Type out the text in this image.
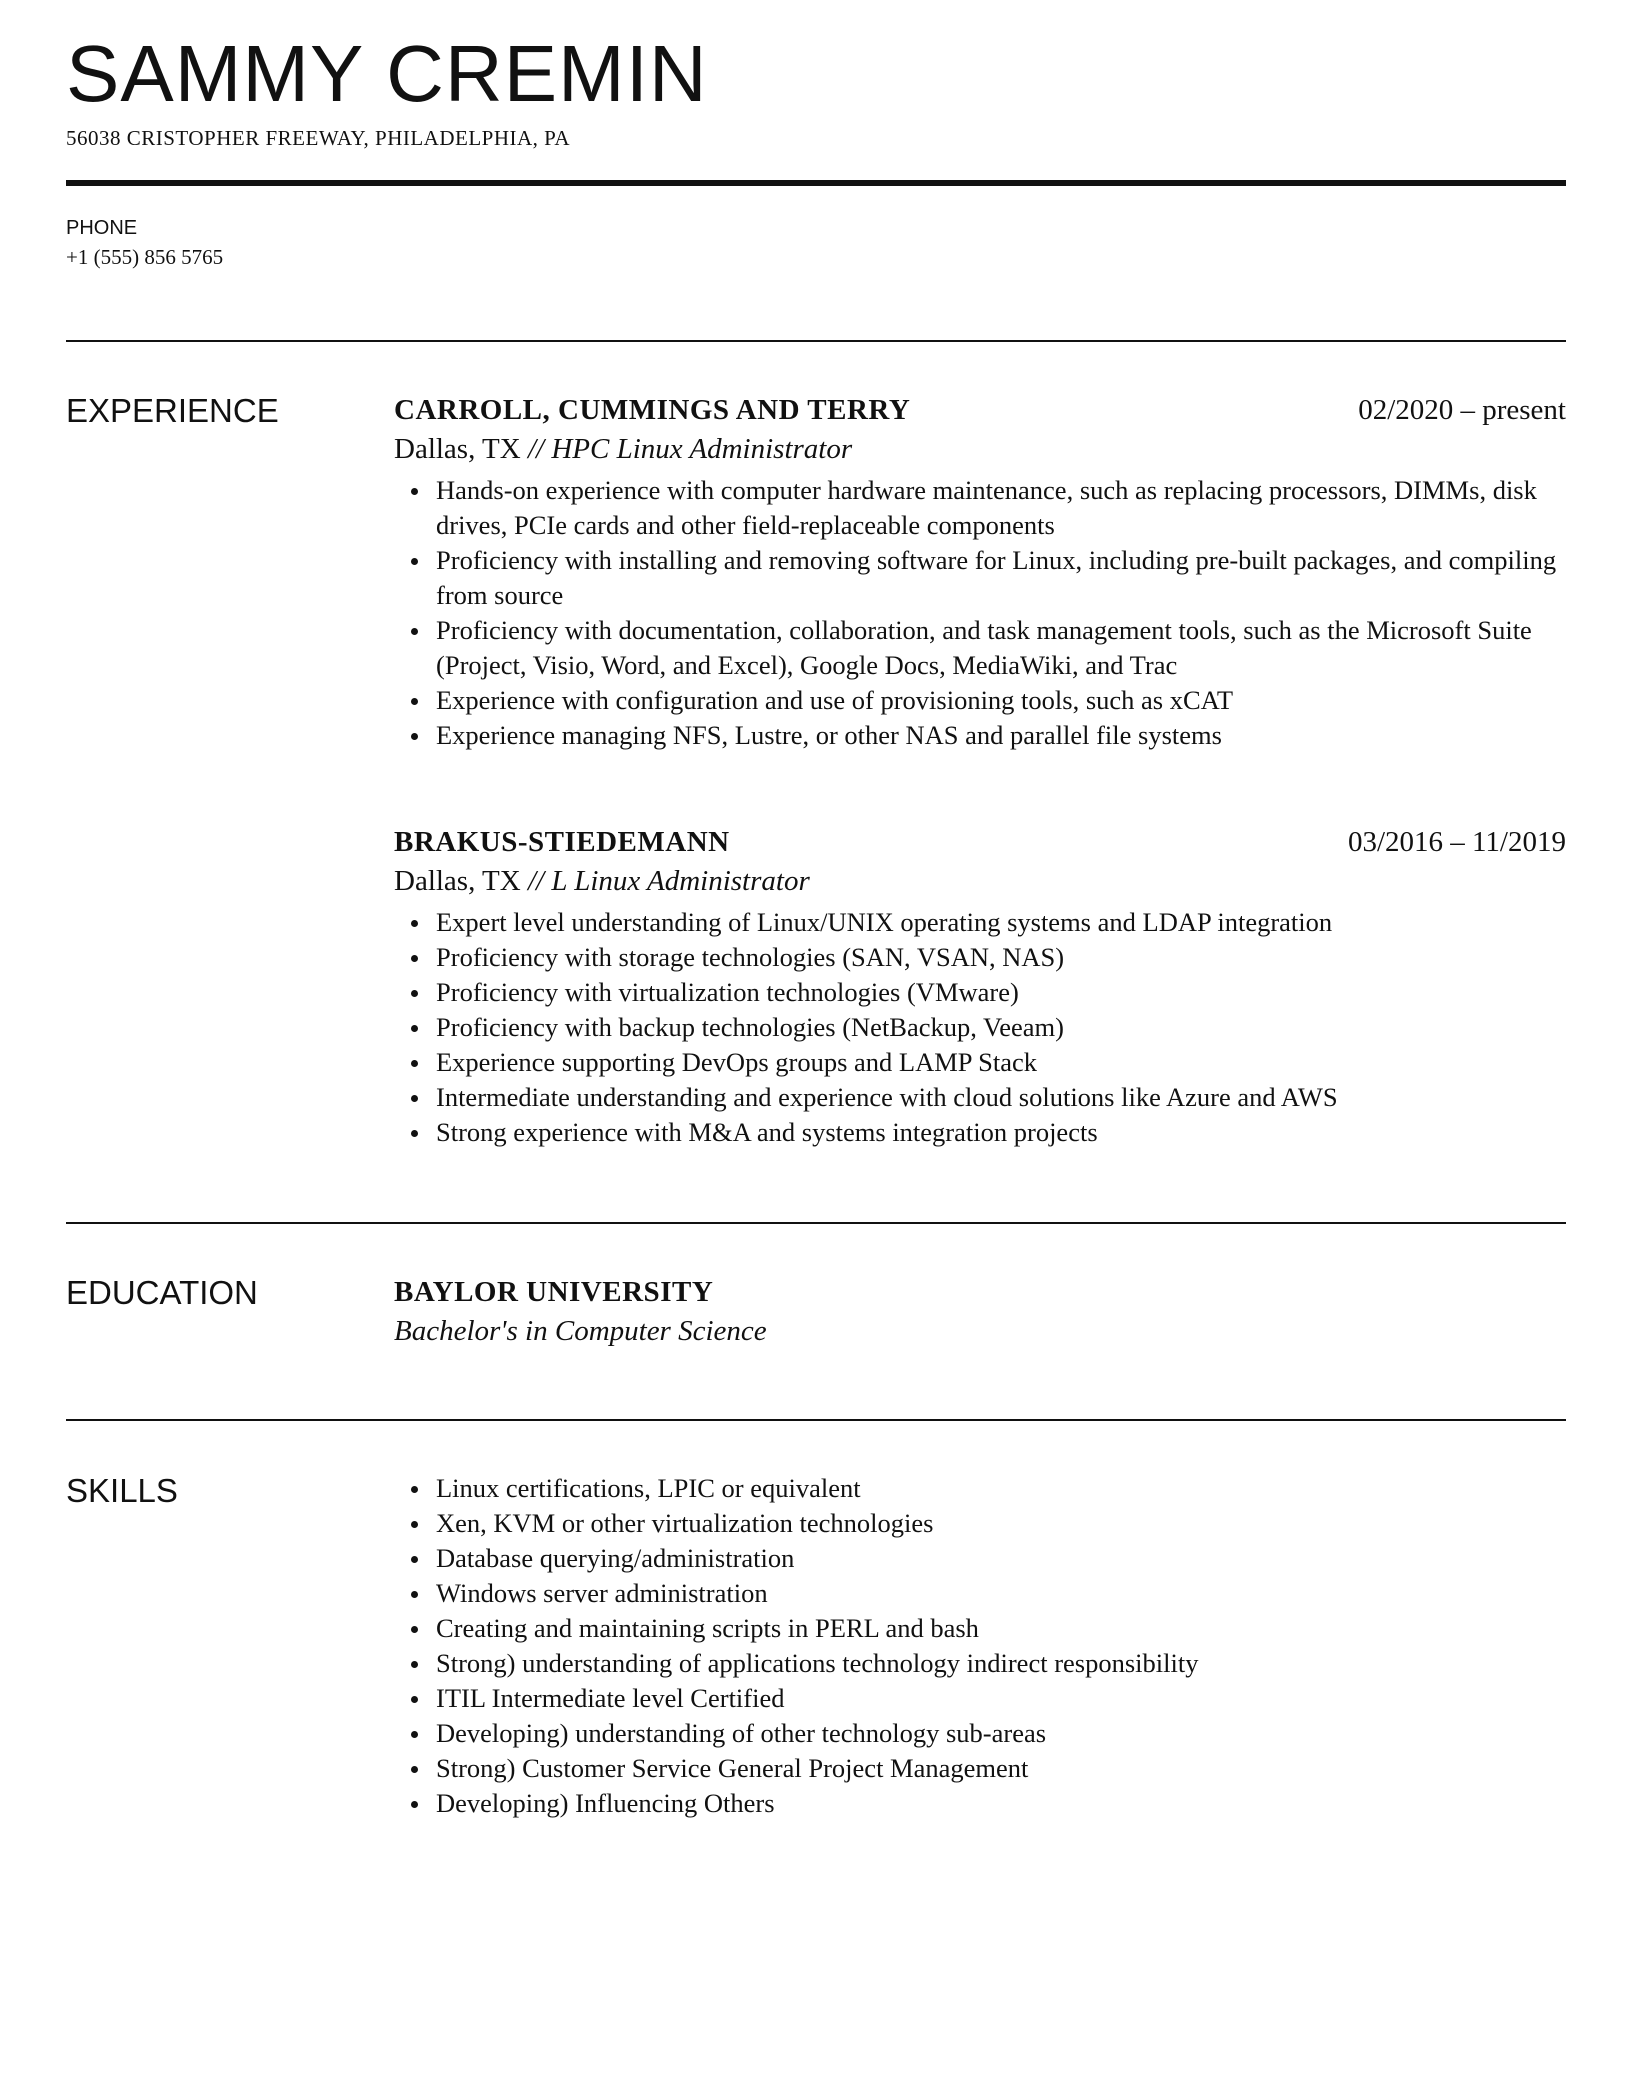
SAMMY CREMIN
56038 CRISTOPHER FREEWAY, PHILADELPHIA, PA
PHONE
+1 (555) 856 5765
EXPERIENCE	CARROLL, CUMMINGS AND TERRY	02/2020 – present
Dallas, TX // HPC Linux Administrator
Hands-on experience with computer hardware maintenance, such as replacing processors, DIMMs, disk drives, PCIe cards and other field-replaceable components
Proficiency with installing and removing software for Linux, including pre-built packages, and compiling from source
Proficiency with documentation, collaboration, and task management tools, such as the Microsoft Suite (Project, Visio, Word, and Excel), Google Docs, MediaWiki, and Trac
Experience with configuration and use of provisioning tools, such as xCAT
Experience managing NFS, Lustre, or other NAS and parallel file systems
BRAKUS-STIEDEMANN	03/2016 – 11/2019
Dallas, TX // L Linux Administrator
Expert level understanding of Linux/UNIX operating systems and LDAP integration
Proficiency with storage technologies (SAN, VSAN, NAS)
Proficiency with virtualization technologies (VMware)
Proficiency with backup technologies (NetBackup, Veeam)
Experience supporting DevOps groups and LAMP Stack
Intermediate understanding and experience with cloud solutions like Azure and AWS
Strong experience with M&A and systems integration projects
EDUCATION	BAYLOR UNIVERSITY
Bachelor's in Computer Science
SKILLS	Linux certifications, LPIC or equivalent
Xen, KVM or other virtualization technologies
Database querying/administration
Windows server administration
Creating and maintaining scripts in PERL and bash
Strong) understanding of applications technology indirect responsibility
ITIL Intermediate level Certified
Developing) understanding of other technology sub-areas
Strong) Customer Service General Project Management
Developing) Influencing Others
